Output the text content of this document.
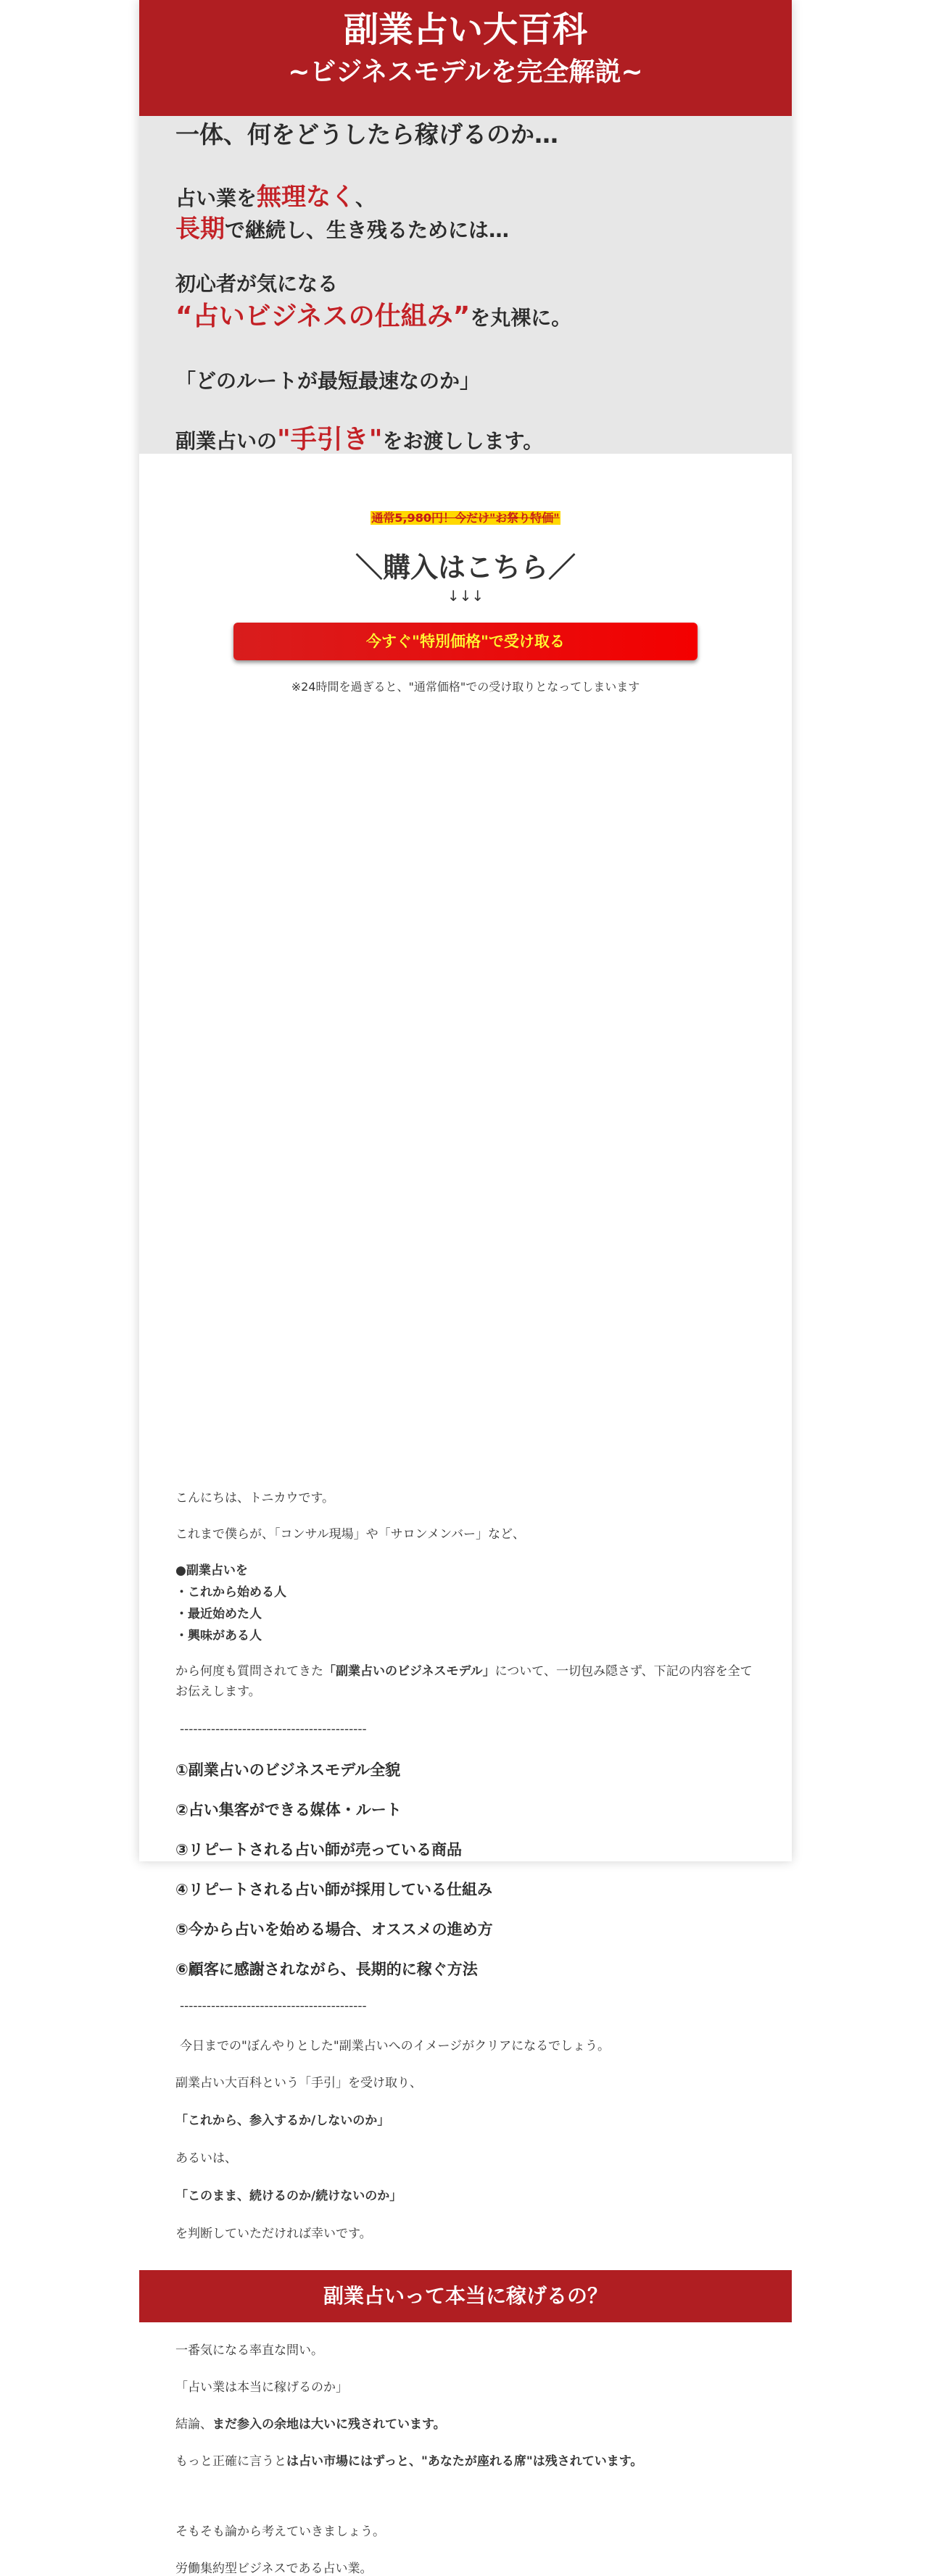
副業占い大百科
~ビジネスモデルを完全解説~

一体、何をどうしたら稼げるのか…

占い業を無理なく、

長期で継続し、生き残るためには…

初心者が気になる

“占いビジネスの仕組み”を丸裸に。

「どのルートが最短最速なのか」

副業占いの"手引き"をお渡しします。

通常5,980円！今だけ"お祭り特価"
＼購入はこちら／
↓↓↓
今すぐ"特別価格"で受け取る
※24時間を過ぎると、"通常価格"での受け取りとなってしまいます
こんにちは、トニカウです。
これまで僕らが、「コンサル現場」や「サロンメンバー」など、
●副業占いを
・これから始める人
・最近始めた人
・興味がある人
から何度も質問されてきた「副業占いのビジネスモデル」について、一切包み隠さず、下記の内容を全てお伝えします。
------------------------------------------
①副業占いのビジネスモデル全貌
②占い集客ができる媒体・ルート
③リピートされる占い師が売っている商品
④リピートされる占い師が採用している仕組み
⑤今から占いを始める場合、オススメの進め方
⑥顧客に感謝されながら、長期的に稼ぐ方法
------------------------------------------
今日までの"ぼんやりとした"副業占いへのイメージがクリアになるでしょう。
副業占い大百科という「手引」を受け取り、
「これから、参入するか/しないのか」
あるいは、
「このまま、続けるのか/続けないのか」
を判断していただければ幸いです。
副業占いって本当に稼げるの？
一番気になる率直な問い。
「占い業は本当に稼げるのか」
結論、まだ参入の余地は大いに残されています。
もっと正確に言うとは占い市場にはずっと、"あなたが座れる席"は残されています。
そもそも論から考えていきましょう。
労働集約型ビジネスである占い業。
